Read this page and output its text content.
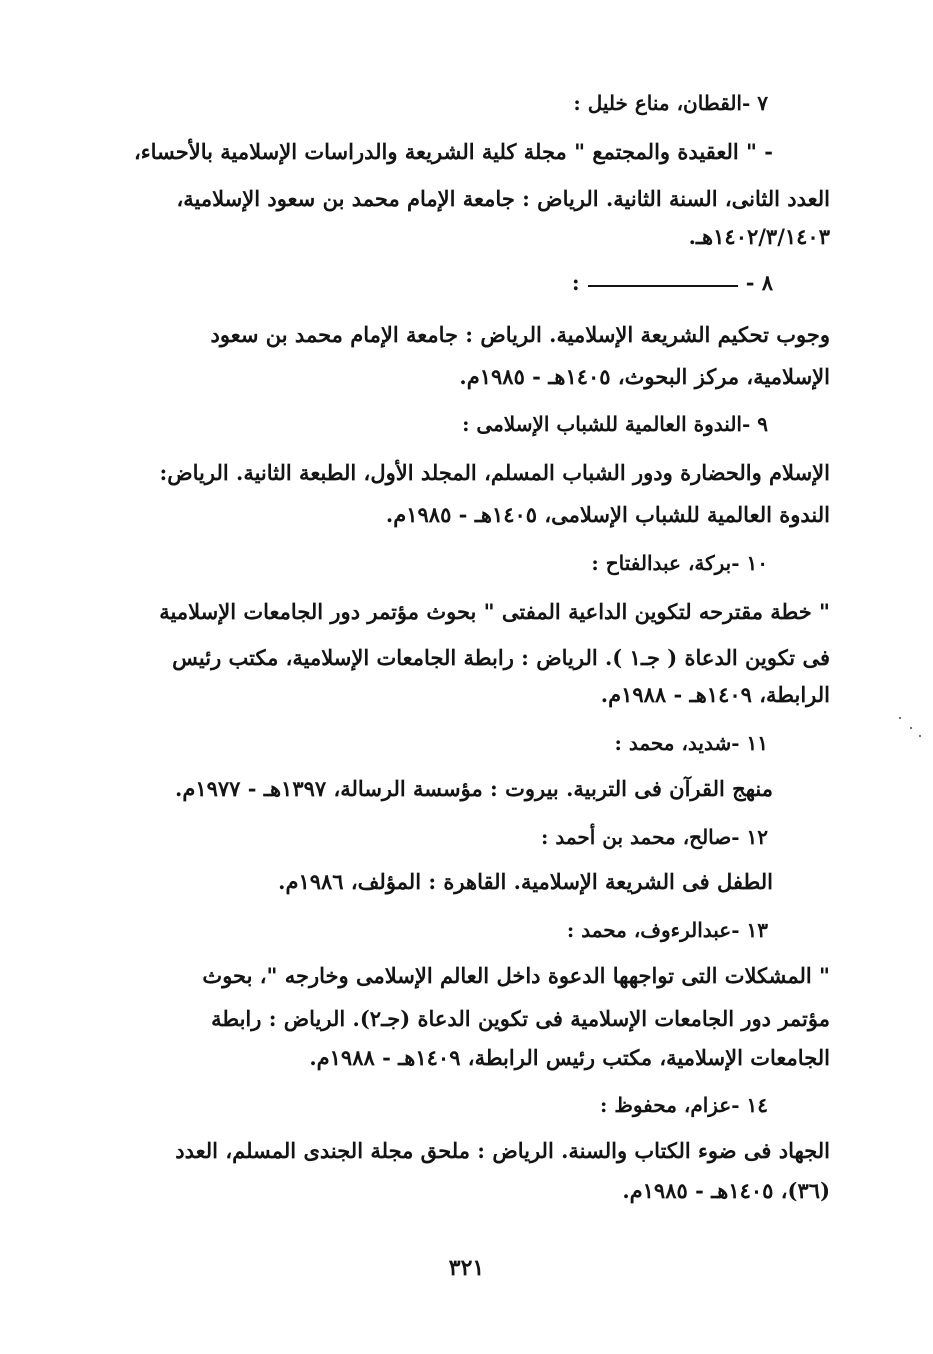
٧ -القطان، مناع خليل :
- " العقيدة والمجتمع " مجلة كلية الشريعة والدراسات الإسلامية بالأحساء،
العدد الثانى، السنة الثانية. الرياض : جامعة الإمام محمد بن سعود الإسلامية،
١٤٠٢/٣/١٤٠٣هـ.
٨ -
:
وجوب تحكيم الشريعة الإسلامية. الرياض : جامعة الإمام محمد بن سعود
الإسلامية، مركز البحوث، ١٤٠٥هـ - ١٩٨٥م.
٩ -الندوة العالمية للشباب الإسلامى :
الإسلام والحضارة ودور الشباب المسلم، المجلد الأول، الطبعة الثانية. الرياض:
الندوة العالمية للشباب الإسلامى، ١٤٠٥هـ - ١٩٨٥م.
١٠ -بركة، عبدالفتاح :
" خطة مقترحه لتكوين الداعية المفتى " بحوث مؤتمر دور الجامعات الإسلامية
فى تكوين الدعاة ( جـ١ ). الرياض : رابطة الجامعات الإسلامية، مكتب رئيس
الرابطة، ١٤٠٩هـ - ١٩٨٨م.
١١ -شديد، محمد :
منهج القرآن فى التربية. بيروت : مؤسسة الرسالة، ١٣٩٧هـ - ١٩٧٧م.
١٢ -صالح، محمد بن أحمد :
الطفل فى الشريعة الإسلامية. القاهرة : المؤلف، ١٩٨٦م.
١٣ -عبدالرءوف، محمد :
" المشكلات التى تواجهها الدعوة داخل العالم الإسلامى وخارجه "، بحوث
مؤتمر دور الجامعات الإسلامية فى تكوين الدعاة (جـ٢). الرياض : رابطة
الجامعات الإسلامية، مكتب رئيس الرابطة، ١٤٠٩هـ - ١٩٨٨م.
١٤ -عزام، محفوظ :
الجهاد فى ضوء الكتاب والسنة. الرياض : ملحق مجلة الجندى المسلم، العدد
(٣٦)، ١٤٠٥هـ - ١٩٨٥م.
٣٢١
